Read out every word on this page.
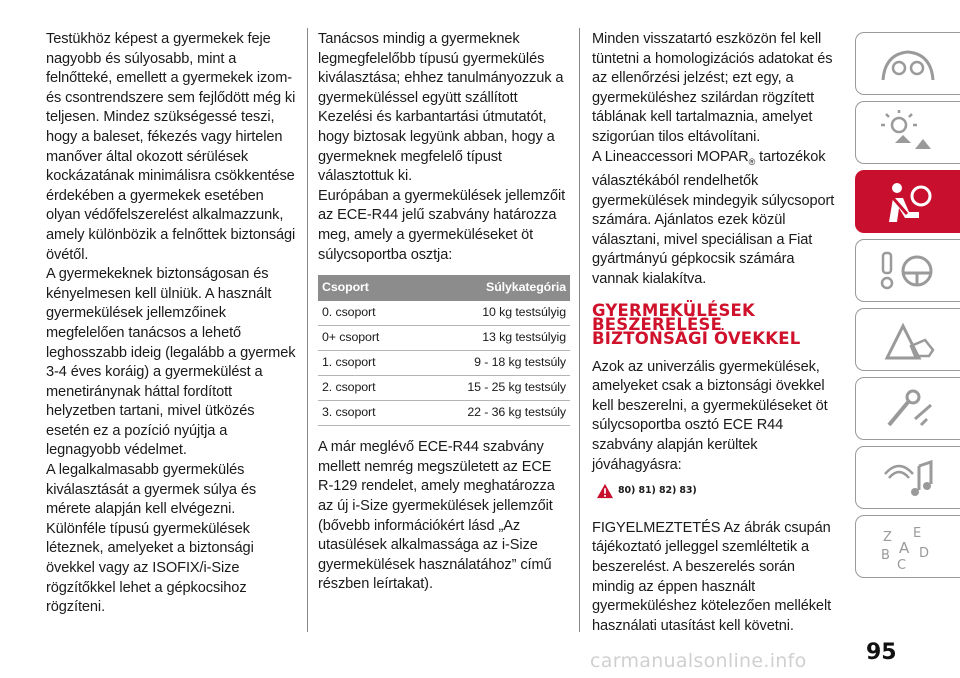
Testükhöz képest a gyermekek feje nagyobb és súlyosabb, mint a felnőtteké, emellett a gyermekek izom- és csontrendszere sem fejlődött még ki teljesen. Mindez szükségessé teszi, hogy a baleset, fékezés vagy hirtelen manőver által okozott sérülések kockázatának minimálisra csökkentése érdekében a gyermekek esetében olyan védőfelszerelést alkalmazzunk, amely különbözik a felnőttek biztonsági övétől.

A gyermekeknek biztonságosan és kényelmesen kell ülniük. A használt gyermekülések jellemzőinek megfelelően tanácsos a lehető leghosszabb ideig (legalább a gyermek 3-4 éves koráig) a gyermekülést a menetiránynak háttal fordított helyzetben tartani, mivel ütközés esetén ez a pozíció nyújtja a legnagyobb védelmet.

A legalkalmasabb gyermekülés kiválasztását a gyermek súlya és mérete alapján kell elvégezni. Különféle típusú gyermekülések léteznek, amelyeket a biztonsági övekkel vagy az ISOFIX/i-Size rögzítőkkel lehet a gépkocsihoz rögzíteni.

Tanácsos mindig a gyermeknek legmegfelelőbb típusú gyermekülés kiválasztása; ehhez tanulmányozzuk a gyermeküléssel együtt szállított Kezelési és karbantartási útmutatót, hogy biztosak legyünk abban, hogy a gyermeknek megfelelő típust választottuk ki.

Európában a gyermekülések jellemzőit az ECE-R44 jelű szabvány határozza meg, amely a gyermeküléseket öt súlycsoportba osztja:

Csoport	Súlykategória
0. csoport	10 kg testsúlyig
0+ csoport	13 kg testsúlyig
1. csoport	9 - 18 kg testsúly
2. csoport	15 - 25 kg testsúly
3. csoport	22 - 36 kg testsúly

A már meglévő ECE-R44 szabvány mellett nemrég megszületett az ECE R-129 rendelet, amely meghatározza az új i-Size gyermekülések jellemzőit (bővebb információkért lásd „Az utasülések alkalmassága az i-Size gyermekülések használatához” című részben leírtakat).

Minden visszatartó eszközön fel kell tüntetni a homologizációs adatokat és az ellenőrzési jelzést; ezt egy, a gyermeküléshez szilárdan rögzített táblának kell tartalmaznia, amelyet szigorúan tilos eltávolítani.

A Lineaccessori $MOPAR_®$ tartozékok választékából rendelhetők gyermekülések mindegyik súlycsoport számára. Ajánlatos ezek közül választani, mivel speciálisan a Fiat gyártmányú gépkocsik számára vannak kialakítva.

GYERMEKÜLÉSEK
BESZERELÉSE
BIZTONSÁGI ÖVEKKEL

Azok az univerzális gyermekülések, amelyeket csak a biztonsági övekkel kell beszerelni, a gyermeküléseket öt súlycsoportba osztó ECE R44 szabvány alapján kerültek jóváhagyásra:

80) 81) 82) 83)

FIGYELMEZTETÉS Az ábrák csupán tájékoztató jelleggel szemléltetik a beszerelést. A beszerelés során mindig az éppen használt gyermeküléshez kötelezően mellékelt használati utasítást kell követni.

Z E
B A D
C
95
carmanualsonline.info
